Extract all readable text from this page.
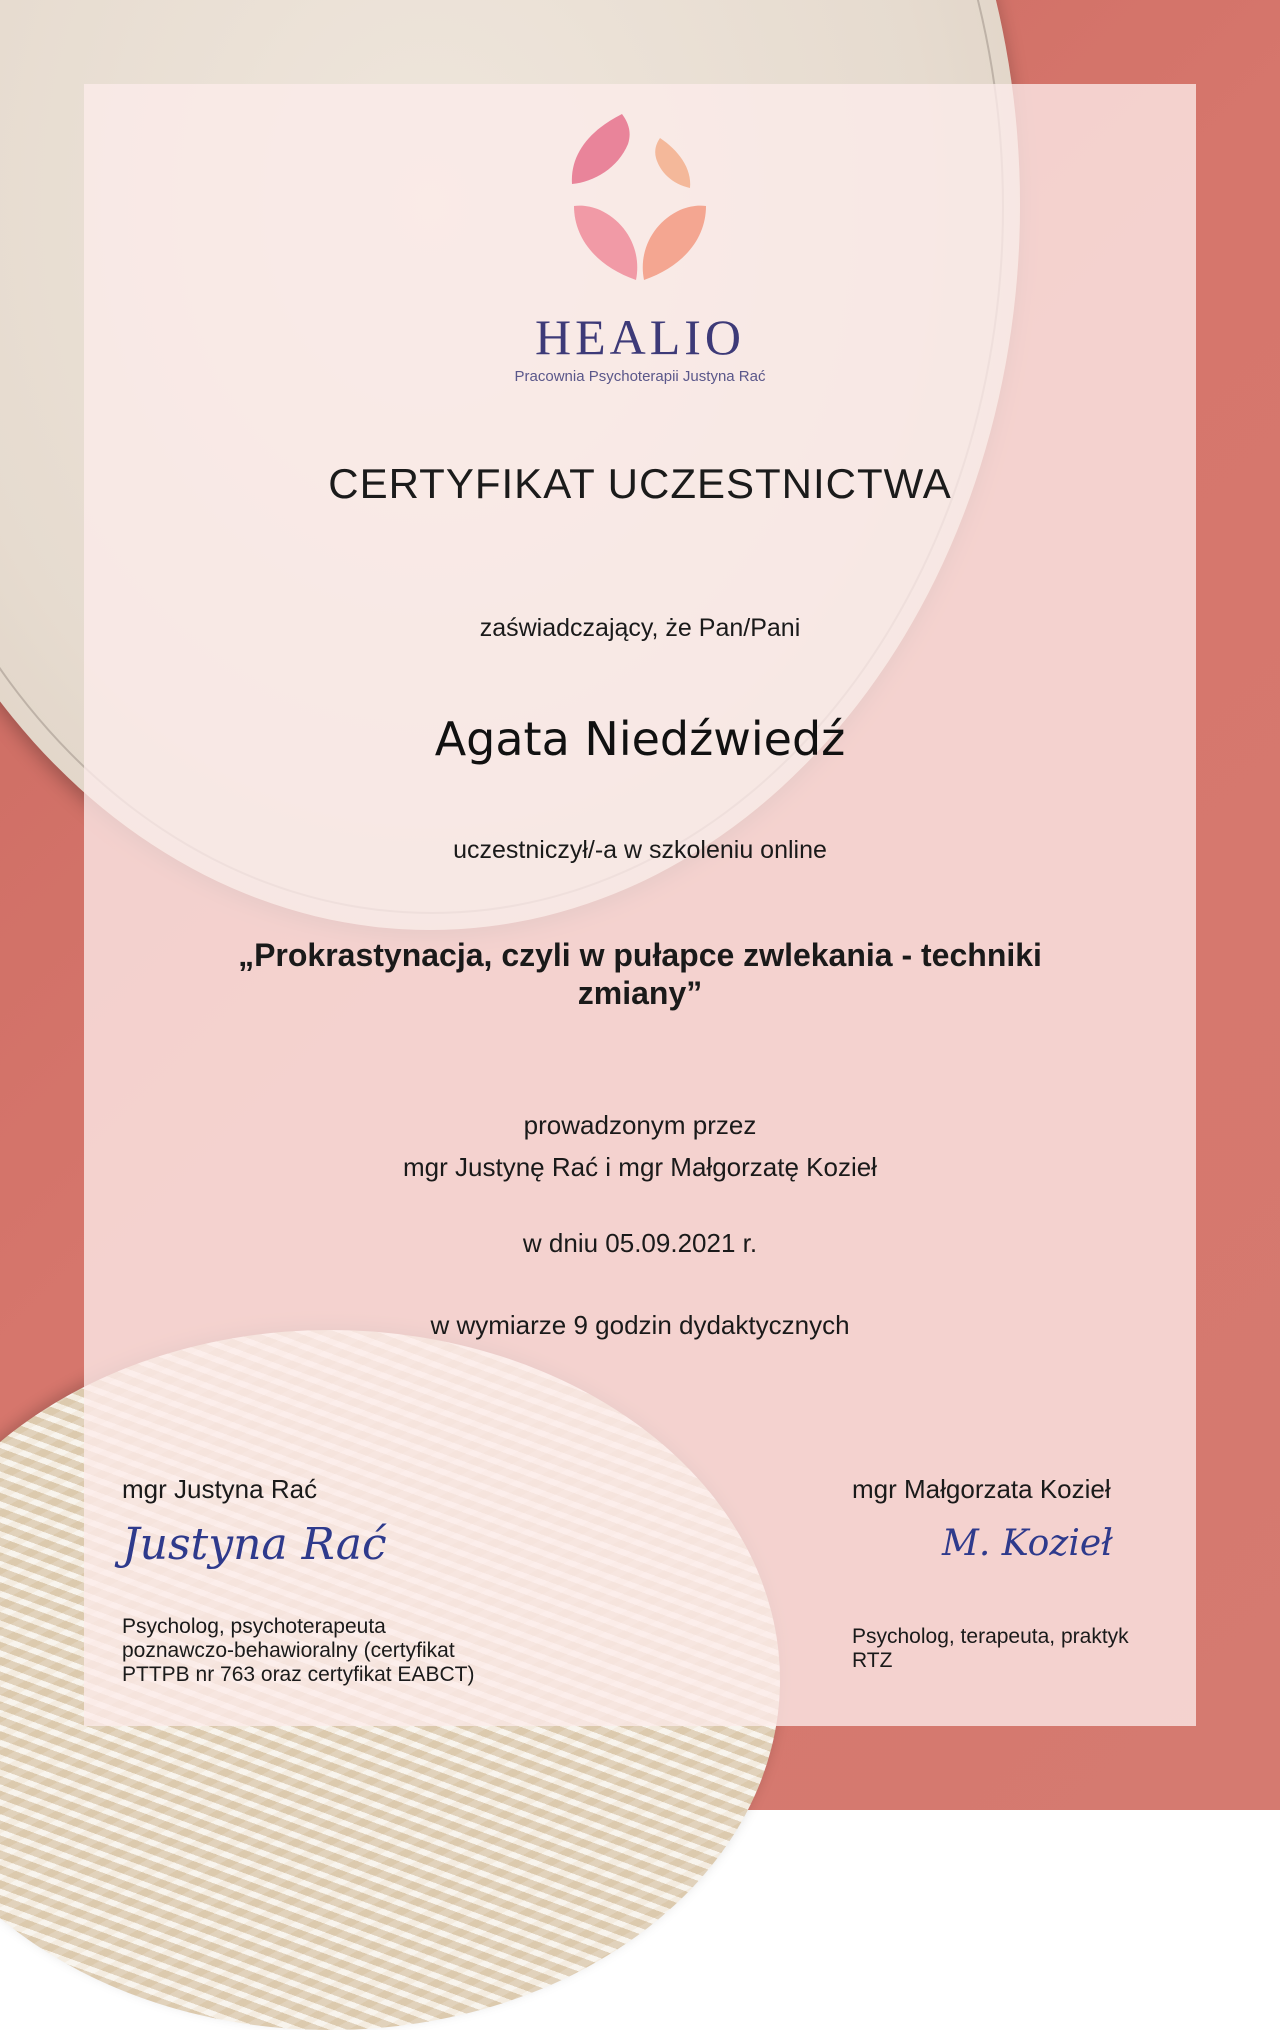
HEALIO
Pracownia Psychoterapii Justyna Rać
CERTYFIKAT UCZESTNICTWA
zaświadczający, że Pan/Pani
Agata Niedźwiedź
uczestniczył/-a w szkoleniu online
„Prokrastynacja, czyli w pułapce zwlekania - techniki zmiany”
prowadzonym przez
mgr Justynę Rać i mgr Małgorzatę Kozieł
w dniu 05.09.2021 r.
w wymiarze 9 godzin dydaktycznych
mgr Justyna Rać
Justyna Rać
Psycholog, psychoterapeuta
poznawczo-behawioralny (certyfikat
PTTPB nr 763 oraz certyfikat EABCT)
mgr Małgorzata Kozieł
M. Kozieł
Psycholog, terapeuta, praktyk
RTZ
